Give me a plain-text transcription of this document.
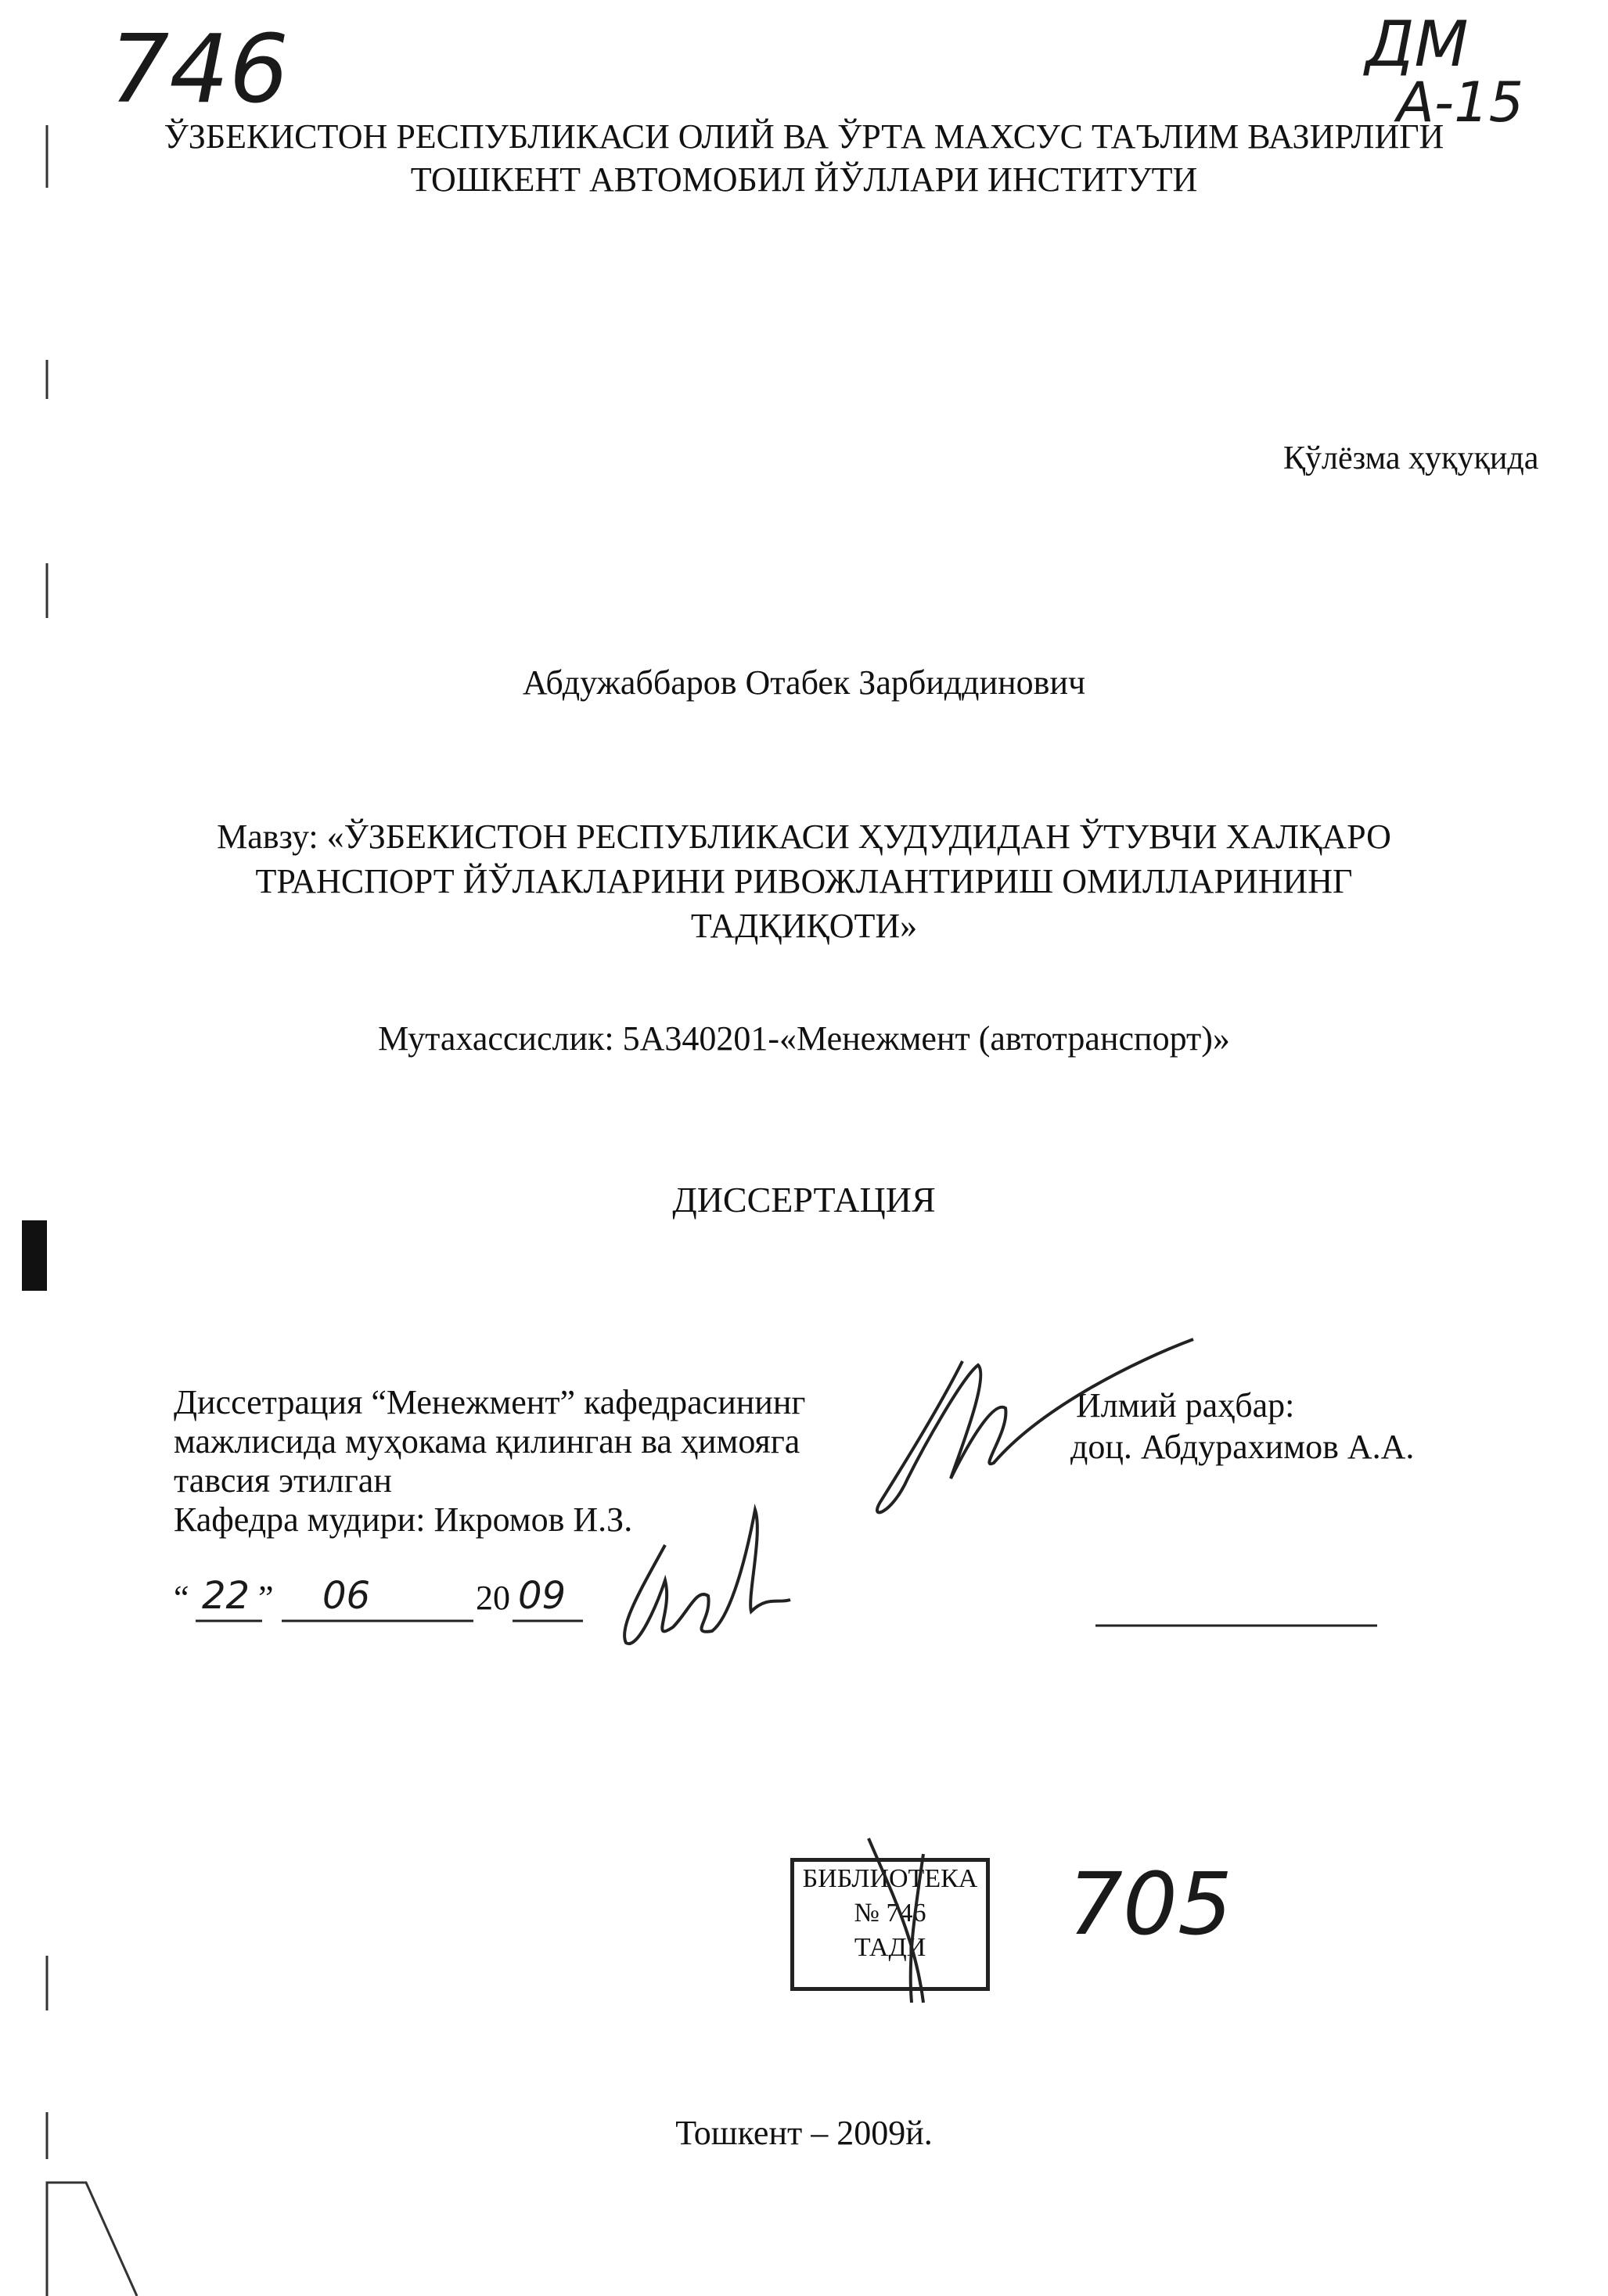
746	ДМ
А-15
ЎЗБЕКИСТОН РЕСПУБЛИКАСИ ОЛИЙ ВА ЎРТА МАХСУС ТАЪЛИМ ВАЗИРЛИГИ
ТОШКЕНТ АВТОМОБИЛ ЙЎЛЛАРИ ИНСТИТУТИ
Қўлёзма ҳуқуқида
Абдужаббаров Отабек Зарбиддинович
Мавзу: «ЎЗБЕКИСТОН РЕСПУБЛИКАСИ ҲУДУДИДАН ЎТУВЧИ ХАЛҚАРО
ТРАНСПОРТ ЙЎЛАКЛАРИНИ РИВОЖЛАНТИРИШ ОМИЛЛАРИНИНГ
ТАДҚИҚОТИ»
Мутахассислик: 5А340201-«Менежмент (автотранспорт)»
ДИССЕРТАЦИЯ
Диссетрация “Менежмент” кафедрасининг
мажлисида муҳокама қилинган ва ҳимояга
тавсия этилган
Кафедра мудири: Икромов И.З.
“ 22 ” 06	20 09
Илмий раҳбар:
доц. Абдурахимов А.А.
БИБЛИОТЕКА
№ 746
ТАДИ	705
Тошкент – 2009й.
